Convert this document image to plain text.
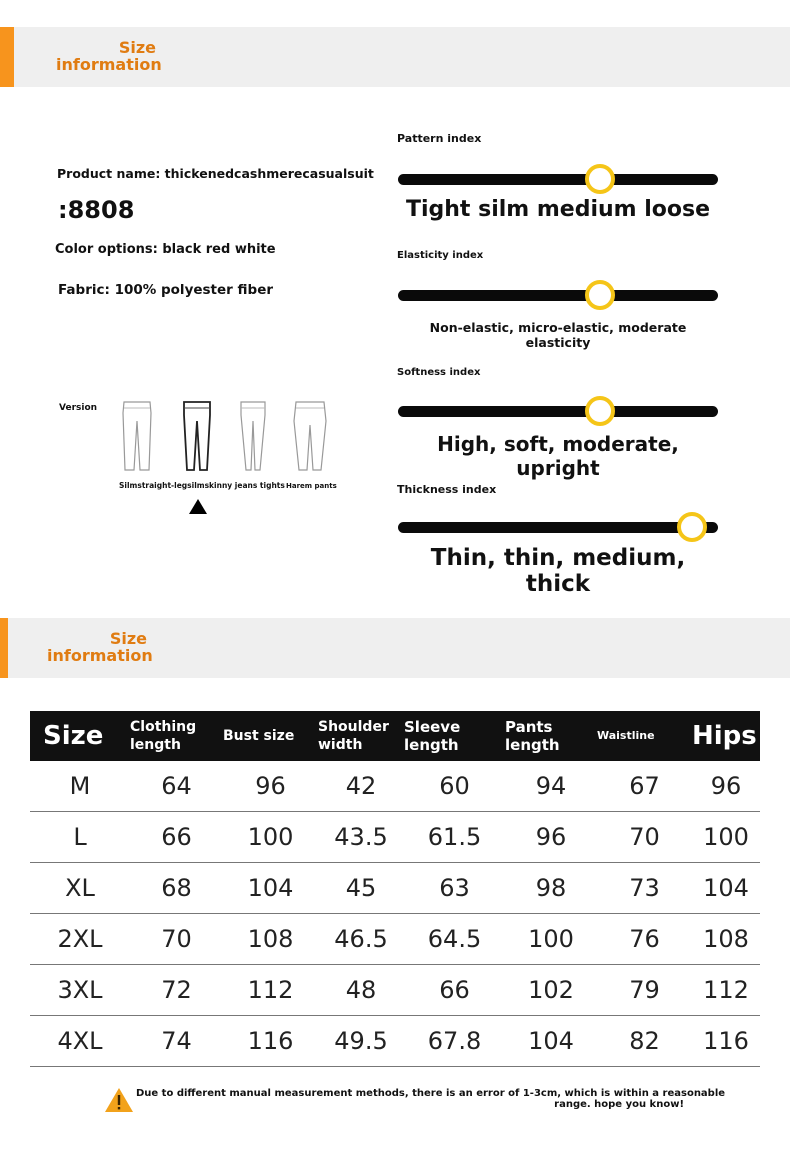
Size
information
Product name: thickenedcashmerecasualsuit
:8808
Color options: black red white
Fabric: 100% polyester fiber
Version
Silmstraight-legsilmskinny jeans tights Harem pants
Pattern index
Tight silm medium loose
Elasticity index
Non-elastic, micro-elastic, moderate elasticity
Softness index
High, soft, moderate, upright
Thickness index
Thin, thin, medium, thick
Size
information
Size	Clothing length	Bust size	Shoulder width	Sleeve length	Pants length	Waistline	Hips
M	64	96	42	60	94	67	96
L	66	100	43.5	61.5	96	70	100
XL	68	104	45	63	98	73	104
2XL	70	108	46.5	64.5	100	76	108
3XL	72	112	48	66	102	79	112
4XL	74	116	49.5	67.8	104	82	116
Due to different manual measurement methods, there is an error of 1-3cm, which is within a reasonable
range. hope you know!
